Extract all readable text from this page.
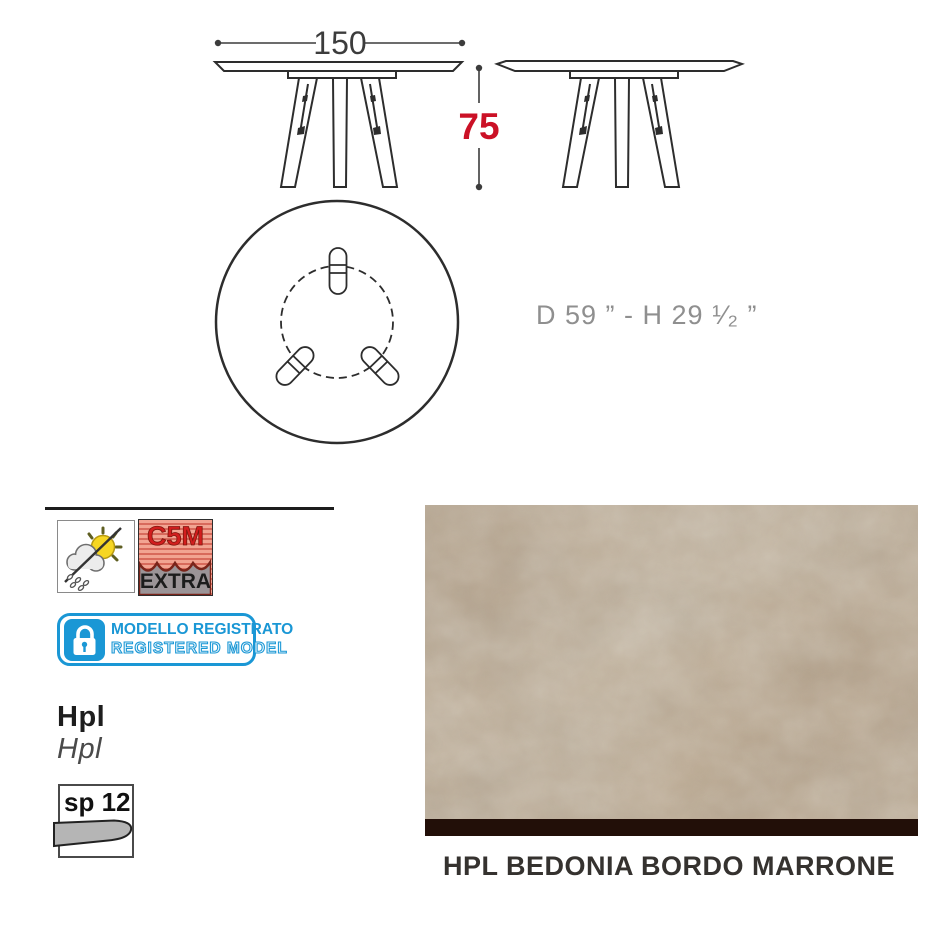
150
75
D 59 ” - H 29 ¹⁄₂ ”
C5M
EXTRA
MODELLO REGISTRATO
REGISTERED MODEL
Hpl
Hpl
sp 12
HPL BEDONIA BORDO MARRONE
